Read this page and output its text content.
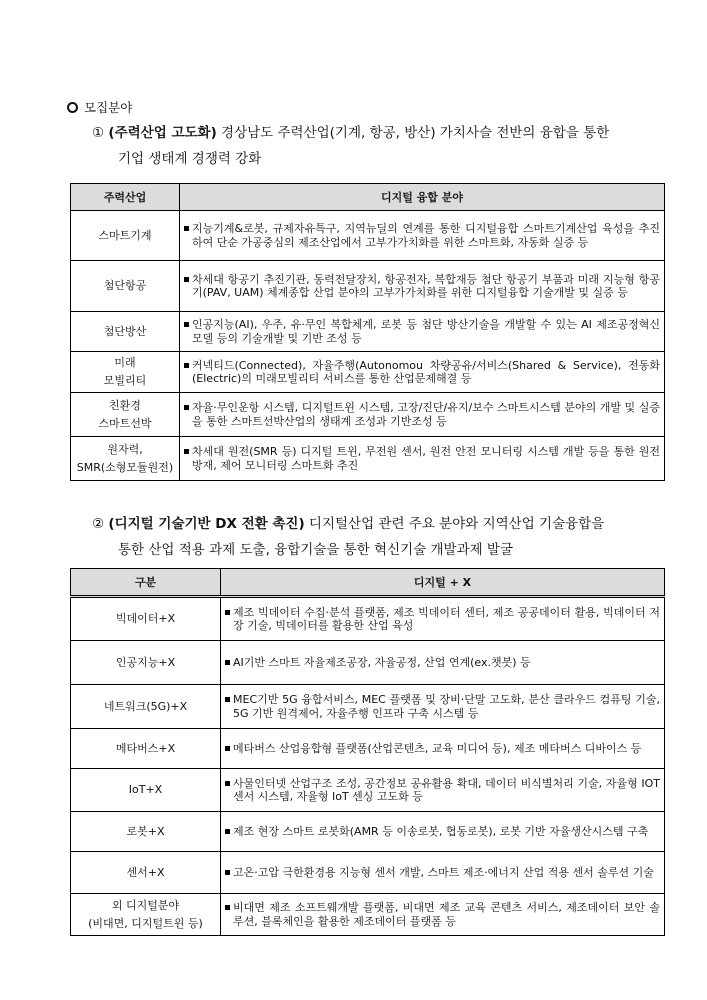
모집분야
① (주력산업 고도화) 경상남도 주력산업(기계, 항공, 방산) 가치사슬 전반의 융합을 통한
기업 생태계 경쟁력 강화
주력산업	디지털 융합 분야

스마트기계	지능기계&로봇, 규제자유특구, 지역뉴딜의 연계를 통한 디지털융합 스마트기계산업 육성을 추진하여 단순 가공중심의 제조산업에서 고부가가치화를 위한 스마트화, 자동화 실증 등

첨단항공	차세대 항공기 추진기관, 동력전달장치, 항공전자, 복합재등 첨단 항공기 부품과 미래 지능형 항공기(PAV, UAM) 체계종합 산업 분야의 고부가가치화를 위한 디지털융합 기술개발 및 실증 등

첨단방산	인공지능(AI), 우주, 유·무인 복합체계, 로봇 등 첨단 방산기술을 개발할 수 있는 AI 제조공정혁신모델 등의 기술개발 및 기반 조성 등

미래
모빌리티	커넥티드(Connected), 자율주행(Autonomou 차량공유/서비스(Shared & Service), 전동화(Electric)의 미래모빌리티 서비스를 통한 산업문제해결 등

친환경
스마트선박	자율·무인운항 시스템, 디지털트윈 시스템, 고장/진단/유지/보수 스마트시스템 분야의 개발 및 실증을 통한 스마트선박산업의 생태계 조성과 기반조성 등

원자력,
SMR(소형모듈원전)	차세대 원전(SMR 등) 디지털 트윈, 무전원 센서, 원전 안전 모니터링 시스템 개발 등을 통한 원전 방재, 제어 모니터링 스마트화 추진
② (디지털 기술기반 DX 전환 촉진) 디지털산업 관련 주요 분야와 지역산업 기술융합을
통한 산업 적용 과제 도출, 융합기술을 통한 혁신기술 개발과제 발굴
구분	디지털 + X

빅데이터+X	제조 빅데이터 수집·분석 플랫폼, 제조 빅데이터 센터, 제조 공공데이터 활용, 빅데이터 저장 기술, 빅데이터를 활용한 산업 육성

인공지능+X	AI기반 스마트 자율제조공장, 자율공정, 산업 연계(ex.챗봇) 등

네트워크(5G)+X	MEC기반 5G 융합서비스, MEC 플랫폼 및 장비·단말 고도화, 분산 클라우드 컴퓨팅 기술, 5G 기반 원격제어, 자율주행 인프라 구축 시스템 등

메타버스+X	메타버스 산업융합형 플랫폼(산업콘텐츠, 교육 미디어 등), 제조 메타버스 디바이스 등

IoT+X	사물인터넷 산업구조 조성, 공간정보 공유활용 확대, 데이터 비식별처리 기술, 자율형 IOT 센서 시스템, 자율형 IoT 센싱 고도화 등

로봇+X	제조 현장 스마트 로봇화(AMR 등 이송로봇, 협동로봇), 로봇 기반 자율생산시스템 구축

센서+X	고온·고압 극한환경용 지능형 센서 개발, 스마트 제조·에너지 산업 적용 센서 솔루션 기술

외 디지털분야
(비대면, 디지털트윈 등)	비대면 제조 소프트웨개발 플랫폼, 비대면 제조 교육 콘텐츠 서비스, 제조데이터 보안 솔루션, 블록체인을 활용한 제조데이터 플랫폼 등
